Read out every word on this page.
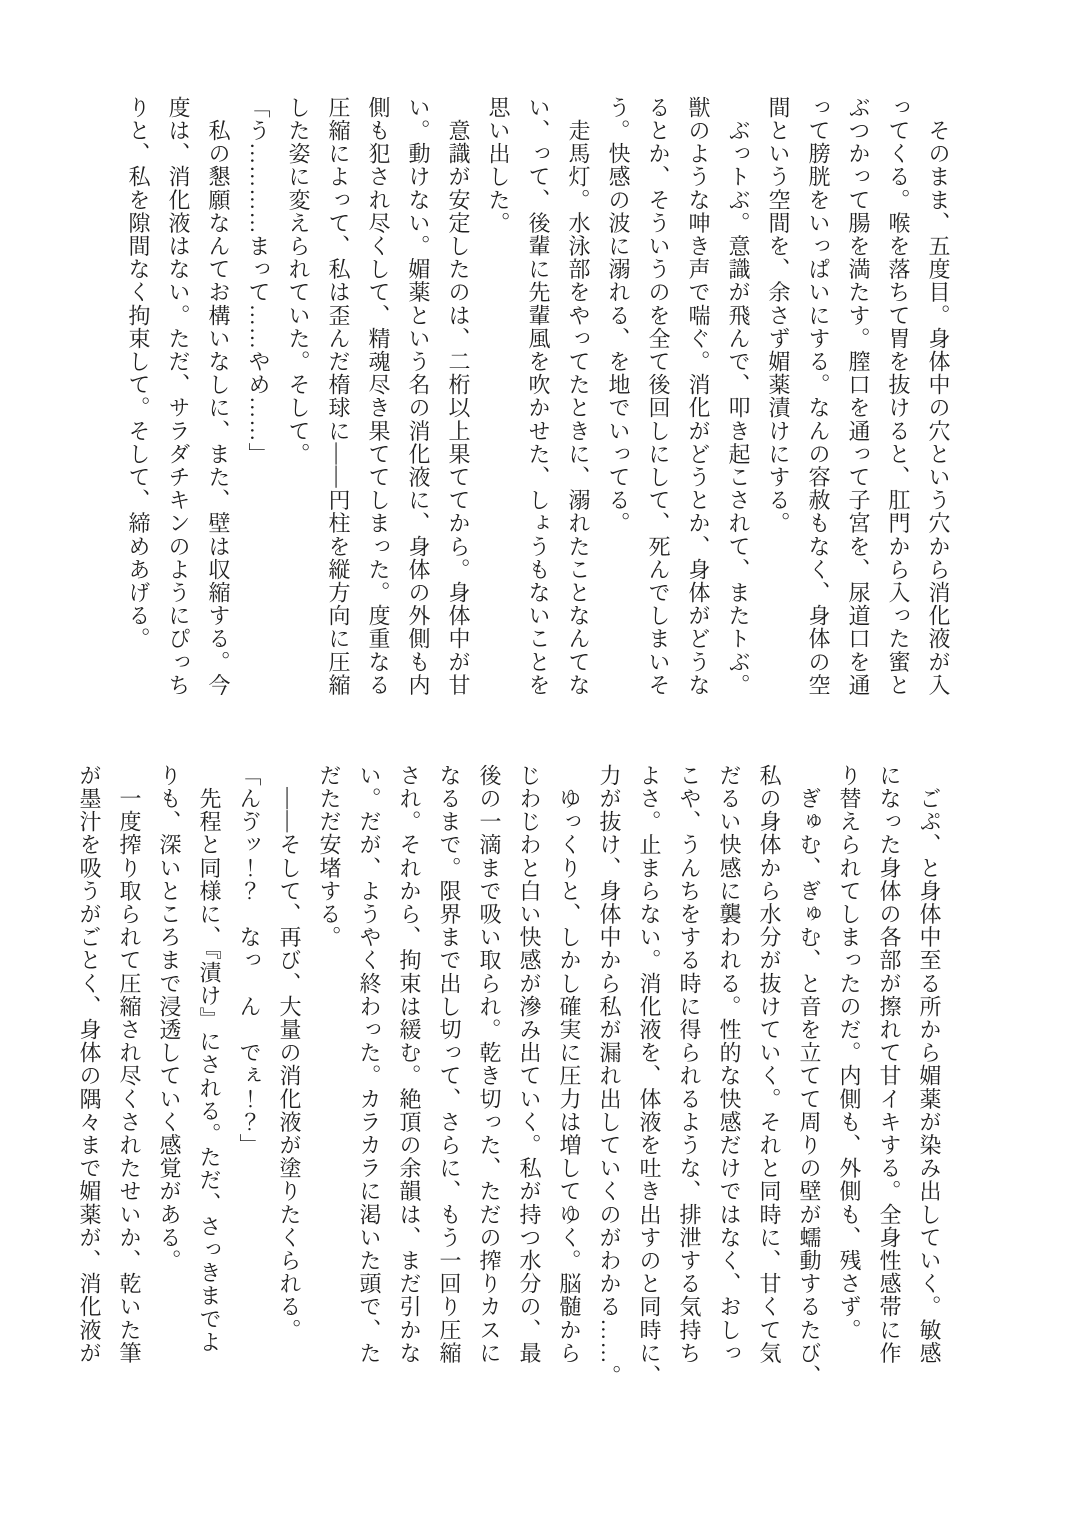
　そのまま、五度目。身体中の穴という穴から消化液が入

ってくる。喉を落ちて胃を抜けると、肛門から入った蜜と

ぶつかって腸を満たす。膣口を通って子宮を、尿道口を通

って膀胱をいっぱいにする。なんの容赦もなく、身体の空

間という空間を、余さず媚薬漬けにする。

　ぶっトぶ。意識が飛んで、叩き起こされて、またトぶ。

獣のような呻き声で喘ぐ。消化がどうとか、身体がどうな

るとか、そういうのを全て後回しにして、死んでしまいそ

う。快感の波に溺れる、を地でいってる。

　走馬灯。水泳部をやってたときに、溺れたことなんてな

い、って、後輩に先輩風を吹かせた、しょうもないことを

思い出した。

　意識が安定したのは、二桁以上果ててから。身体中が甘

い。動けない。媚薬という名の消化液に、身体の外側も内

側も犯され尽くして、精魂尽き果ててしまった。度重なる

圧縮によって、私は歪んだ楕球に――円柱を縦方向に圧縮

した姿に変えられていた。そして。

「う…………まって……やめ……」

　私の懇願なんてお構いなしに、また、壁は収縮する。今

度は、消化液はない。ただ、サラダチキンのようにぴっち

りと、私を隙間なく拘束して。そして、締めあげる。

　ごぷ、と身体中至る所から媚薬が染み出していく。敏感

になった身体の各部が擦れて甘イキする。全身性感帯に作

り替えられてしまったのだ。内側も、外側も、残さず。

　ぎゅむ、ぎゅむ、と音を立てて周りの壁が蠕動するたび、

私の身体から水分が抜けていく。それと同時に、甘くて気

だるい快感に襲われる。性的な快感だけではなく、おしっ

こや、うんちをする時に得られるような、排泄する気持ち

よさ。止まらない。消化液を、体液を吐き出すのと同時に、

力が抜け、身体中から私が漏れ出していくのがわかる……。

　ゆっくりと、しかし確実に圧力は増してゆく。脳髄から

じわじわと白い快感が滲み出ていく。私が持つ水分の、最

後の一滴まで吸い取られ。乾き切った、ただの搾りカスに

なるまで。限界まで出し切って、さらに、もう一回り圧縮

され。それから、拘束は緩む。絶頂の余韻は、まだ引かな

い。だが、ようやく終わった。カラカラに渇いた頭で、た

だただ安堵する。

　――そして、再び、大量の消化液が塗りたくられる。

「んゔッ！？　なっ　ん　でぇ！？」

　先程と同様に、『漬け』にされる。ただ、さっきまでよ

りも、深いところまで浸透していく感覚がある。

　一度搾り取られて圧縮され尽くされたせいか、乾いた筆

が墨汁を吸うがごとく、身体の隅々まで媚薬が、消化液が
